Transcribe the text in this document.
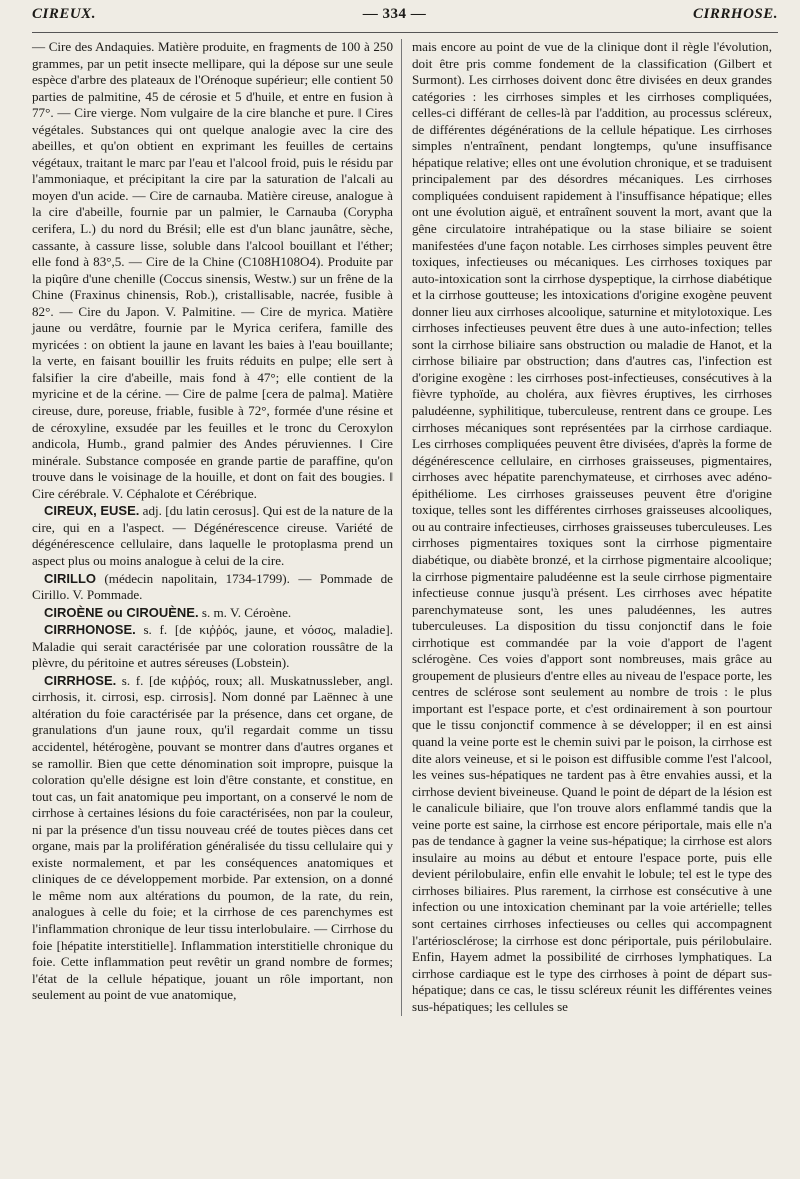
CIREUX.	— 334 —	CIRRHOSE.

— Cire des Andaquies. Matière produite, en fragments de 100 à 250 grammes, par un petit insecte mellipare, qui la dépose sur une seule espèce d'arbre des plateaux de l'Orénoque supérieur; elle contient 50 parties de palmitine, 45 de cérosie et 5 d'huile, et entre en fusion à 77°. — Cire vierge. Nom vulgaire de la cire blanche et pure. ‖ Cires végétales. Substances qui ont quelque analogie avec la cire des abeilles, et qu'on obtient en exprimant les feuilles de certains végétaux, traitant le marc par l'eau et l'alcool froid, puis le résidu par l'ammoniaque, et précipitant la cire par la saturation de l'alcali au moyen d'un acide. — Cire de carnauba. Matière cireuse, analogue à la cire d'abeille, fournie par un palmier, le Carnauba (Corypha cerifera, L.) du nord du Brésil; elle est d'un blanc jaunâtre, sèche, cassante, à cassure lisse, soluble dans l'alcool bouillant et l'éther; elle fond à 83°,5. — Cire de la Chine (C108H108O4). Produite par la piqûre d'une chenille (Coccus sinensis, Westw.) sur un frêne de la Chine (Fraxinus chinensis, Rob.), cristallisable, nacrée, fusible à 82°. — Cire du Japon. V. Palmitine. — Cire de myrica. Matière jaune ou verdâtre, fournie par le Myrica cerifera, famille des myricées : on obtient la jaune en lavant les baies à l'eau bouillante; la verte, en faisant bouillir les fruits réduits en pulpe; elle sert à falsifier la cire d'abeille, mais fond à 47°; elle contient de la myricine et de la cérine. — Cire de palme [cera de palma]. Matière cireuse, dure, poreuse, friable, fusible à 72°, formée d'une résine et de céroxyline, exsudée par les feuilles et le tronc du Ceroxylon andicola, Humb., grand palmier des Andes péruviennes. ‖ Cire minérale. Substance composée en grande partie de paraffine, qu'on trouve dans le voisinage de la houille, et dont on fait des bougies. ‖ Cire cérébrale. V. Céphalote et Cérébrique.

CIREUX, EUSE. adj. [du latin cerosus]. Qui est de la nature de la cire, qui en a l'aspect. — Dégénérescence cireuse. Variété de dégénérescence cellulaire, dans laquelle le protoplasma prend un aspect plus ou moins analogue à celui de la cire.

CIRILLO (médecin napolitain, 1734-1799). — Pommade de Cirillo. V. Pommade.

CIROÈNE ou CIROUÈNE. s. m. V. Céroène.

CIRRHONOSE. s. f. [de κιῤῥός, jaune, et νόσος, maladie]. Maladie qui serait caractérisée par une coloration roussâtre de la plèvre, du péritoine et autres séreuses (Lobstein).

CIRRHOSE. s. f. [de κιῤῥός, roux; all. Muskatnussleber, angl. cirrhosis, it. cirrosi, esp. cirrosis]. Nom donné par Laënnec à une altération du foie caractérisée par la présence, dans cet organe, de granulations d'un jaune roux, qu'il regardait comme un tissu accidentel, hétérogène, pouvant se montrer dans d'autres organes et se ramollir. Bien que cette dénomination soit impropre, puisque la coloration qu'elle désigne est loin d'être constante, et constitue, en tout cas, un fait anatomique peu important, on a conservé le nom de cirrhose à certaines lésions du foie caractérisées, non par la couleur, ni par la présence d'un tissu nouveau créé de toutes pièces dans cet organe, mais par la prolifération généralisée du tissu cellulaire qui y existe normalement, et par les conséquences anatomiques et cliniques de ce développement morbide. Par extension, on a donné le même nom aux altérations du poumon, de la rate, du rein, analogues à celle du foie; et la cirrhose de ces parenchymes est l'inflammation chronique de leur tissu interlobulaire. — Cirrhose du foie [hépatite interstitielle]. Inflammation interstitielle chronique du foie. Cette inflammation peut revêtir un grand nombre de formes; l'état de la cellule hépatique, jouant un rôle important, non seulement au point de vue anatomique,

mais encore au point de vue de la clinique dont il règle l'évolution, doit être pris comme fondement de la classification (Gilbert et Surmont). Les cirrhoses doivent donc être divisées en deux grandes catégories : les cirrhoses simples et les cirrhoses compliquées, celles-ci différant de celles-là par l'addition, au processus scléreux, de différentes dégénérations de la cellule hépatique. Les cirrhoses simples n'entraînent, pendant longtemps, qu'une insuffisance hépatique relative; elles ont une évolution chronique, et se traduisent principalement par des désordres mécaniques. Les cirrhoses compliquées conduisent rapidement à l'insuffisance hépatique; elles ont une évolution aiguë, et entraînent souvent la mort, avant que la gêne circulatoire intrahépatique ou la stase biliaire se soient manifestées d'une façon notable. Les cirrhoses simples peuvent être toxiques, infectieuses ou mécaniques. Les cirrhoses toxiques par auto-intoxication sont la cirrhose dyspeptique, la cirrhose diabétique et la cirrhose goutteuse; les intoxications d'origine exogène peuvent donner lieu aux cirrhoses alcoolique, saturnine et mitylotoxique. Les cirrhoses infectieuses peuvent être dues à une auto-infection; telles sont la cirrhose biliaire sans obstruction ou maladie de Hanot, et la cirrhose biliaire par obstruction; dans d'autres cas, l'infection est d'origine exogène : les cirrhoses post-infectieuses, consécutives à la fièvre typhoïde, au choléra, aux fièvres éruptives, les cirrhoses paludéenne, syphilitique, tuberculeuse, rentrent dans ce groupe. Les cirrhoses mécaniques sont représentées par la cirrhose cardiaque. Les cirrhoses compliquées peuvent être divisées, d'après la forme de dégénérescence cellulaire, en cirrhoses graisseuses, pigmentaires, cirrhoses avec hépatite parenchymateuse, et cirrhoses avec adéno-épithéliome. Les cirrhoses graisseuses peuvent être d'origine toxique, telles sont les différentes cirrhoses graisseuses alcooliques, ou au contraire infectieuses, cirrhoses graisseuses tuberculeuses. Les cirrhoses pigmentaires toxiques sont la cirrhose pigmentaire diabétique, ou diabète bronzé, et la cirrhose pigmentaire alcoolique; la cirrhose pigmentaire paludéenne est la seule cirrhose pigmentaire infectieuse connue jusqu'à présent. Les cirrhoses avec hépatite parenchymateuse sont, les unes paludéennes, les autres tuberculeuses. La disposition du tissu conjonctif dans le foie cirrhotique est commandée par la voie d'apport de l'agent sclérogène. Ces voies d'apport sont nombreuses, mais grâce au groupement de plusieurs d'entre elles au niveau de l'espace porte, les centres de sclérose sont seulement au nombre de trois : le plus important est l'espace porte, et c'est ordinairement à son pourtour que le tissu conjonctif commence à se développer; il en est ainsi quand la veine porte est le chemin suivi par le poison, la cirrhose est dite alors veineuse, et si le poison est diffusible comme l'est l'alcool, les veines sus-hépatiques ne tardent pas à être envahies aussi, et la cirrhose devient biveineuse. Quand le point de départ de la lésion est le canalicule biliaire, que l'on trouve alors enflammé tandis que la veine porte est saine, la cirrhose est encore périportale, mais elle n'a pas de tendance à gagner la veine sus-hépatique; la cirrhose est alors insulaire au moins au début et entoure l'espace porte, puis elle devient périlobulaire, enfin elle envahit le lobule; tel est le type des cirrhoses biliaires. Plus rarement, la cirrhose est consécutive à une infection ou une intoxication cheminant par la voie artérielle; telles sont certaines cirrhoses infectieuses ou celles qui accompagnent l'artériosclérose; la cirrhose est donc périportale, puis périlobulaire. Enfin, Hayem admet la possibilité de cirrhoses lymphatiques. La cirrhose cardiaque est le type des cirrhoses à point de départ sus-hépatique; dans ce cas, le tissu scléreux réunit les différentes veines sus-hépatiques; les cellules se
